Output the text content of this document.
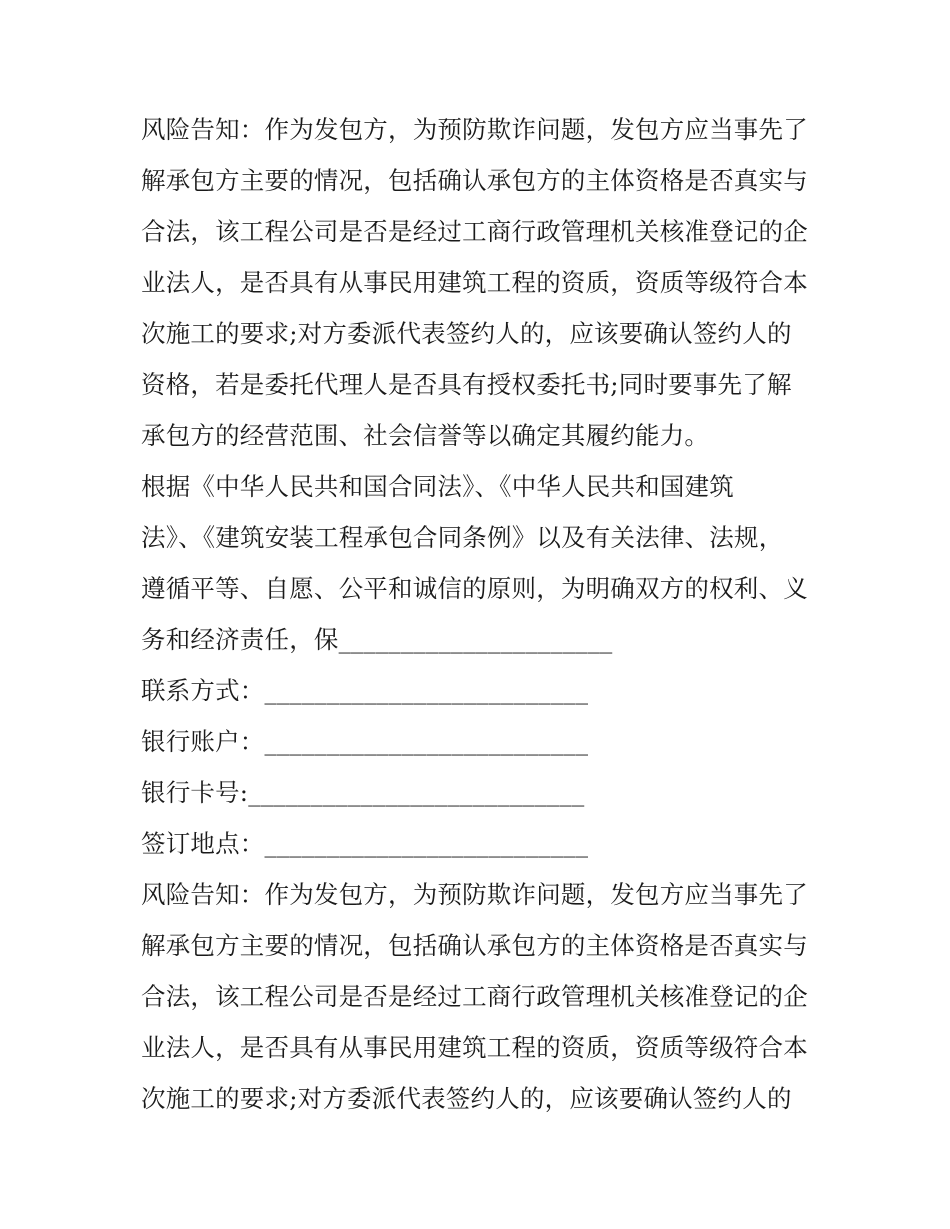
风险告知：作为发包方，为预防欺诈问题，发包方应当事先了
解承包方主要的情况，包括确认承包方的主体资格是否真实与
合法，该工程公司是否是经过工商行政管理机关核准登记的企
业法人，是否具有从事民用建筑工程的资质，资质等级符合本
次施工的要求;对方委派代表签约人的，应该要确认签约人的
资格，若是委托代理人是否具有授权委托书;同时要事先了解
承包方的经营范围、社会信誉等以确定其履约能力。
根据《中华人民共和国合同法》、《中华人民共和国建筑
法》、《建筑安装工程承包合同条例》以及有关法律、法规，
遵循平等、自愿、公平和诚信的原则，为明确双方的权利、义
务和经济责任，保______________________
联系方式：__________________________
银行账户：__________________________
银行卡号:___________________________
签订地点：__________________________
风险告知：作为发包方，为预防欺诈问题，发包方应当事先了
解承包方主要的情况，包括确认承包方的主体资格是否真实与
合法，该工程公司是否是经过工商行政管理机关核准登记的企
业法人，是否具有从事民用建筑工程的资质，资质等级符合本
次施工的要求;对方委派代表签约人的，应该要确认签约人的
